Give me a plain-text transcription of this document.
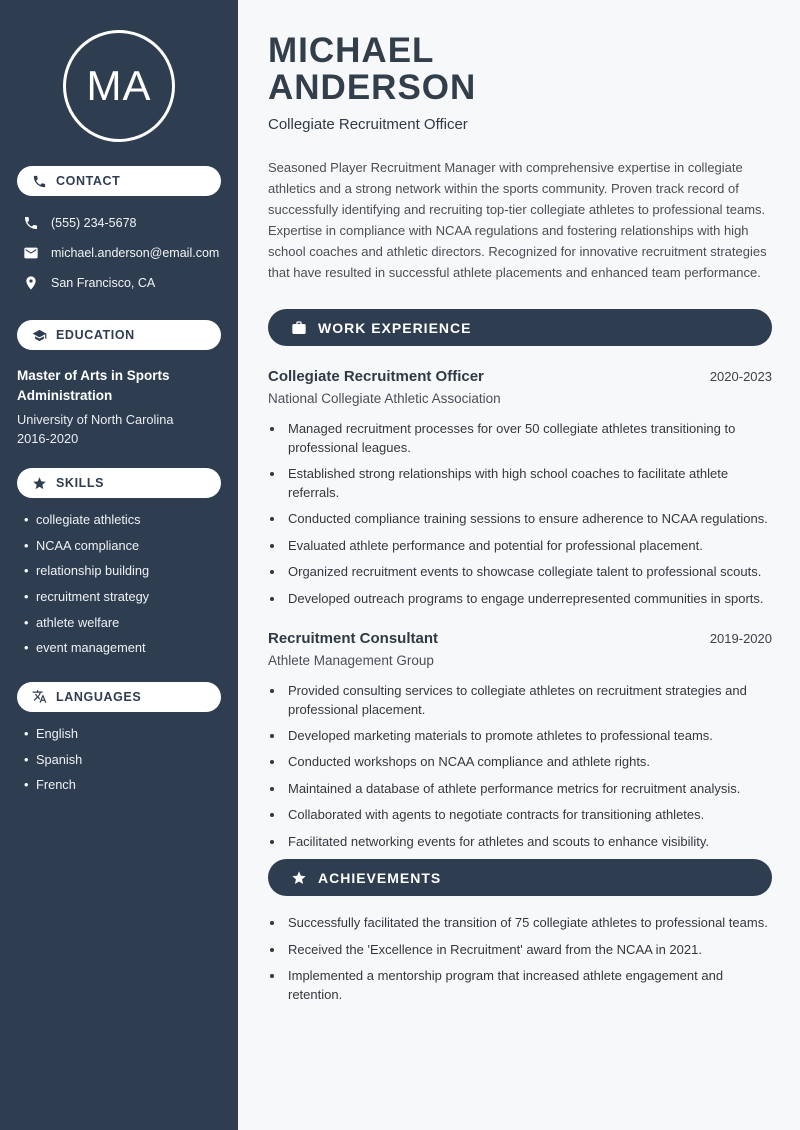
MA
CONTACT
(555) 234-5678
michael.anderson@email.com
San Francisco, CA
EDUCATION
Master of Arts in Sports Administration
University of North Carolina
2016-2020
SKILLS
• collegiate athletics
• NCAA compliance
• relationship building
• recruitment strategy
• athlete welfare
• event management
LANGUAGES
• English
• Spanish
• French
MICHAEL
ANDERSON
Collegiate Recruitment Officer

Seasoned Player Recruitment Manager with comprehensive expertise in collegiate athletics and a strong network within the sports community. Proven track record of successfully identifying and recruiting top-tier collegiate athletes to professional teams. Expertise in compliance with NCAA regulations and fostering relationships with high school coaches and athletic directors. Recognized for innovative recruitment strategies that have resulted in successful athlete placements and enhanced team performance.

WORK EXPERIENCE
Collegiate Recruitment Officer	2020-2023
National Collegiate Athletic Association
• Managed recruitment processes for over 50 collegiate athletes transitioning to professional leagues.
• Established strong relationships with high school coaches to facilitate athlete referrals.
• Conducted compliance training sessions to ensure adherence to NCAA regulations.
• Evaluated athlete performance and potential for professional placement.
• Organized recruitment events to showcase collegiate talent to professional scouts.
• Developed outreach programs to engage underrepresented communities in sports.
Recruitment Consultant	2019-2020
Athlete Management Group
• Provided consulting services to collegiate athletes on recruitment strategies and professional placement.
• Developed marketing materials to promote athletes to professional teams.
• Conducted workshops on NCAA compliance and athlete rights.
• Maintained a database of athlete performance metrics for recruitment analysis.
• Collaborated with agents to negotiate contracts for transitioning athletes.
• Facilitated networking events for athletes and scouts to enhance visibility.
ACHIEVEMENTS
• Successfully facilitated the transition of 75 collegiate athletes to professional teams.
• Received the 'Excellence in Recruitment' award from the NCAA in 2021.
• Implemented a mentorship program that increased athlete engagement and retention.
